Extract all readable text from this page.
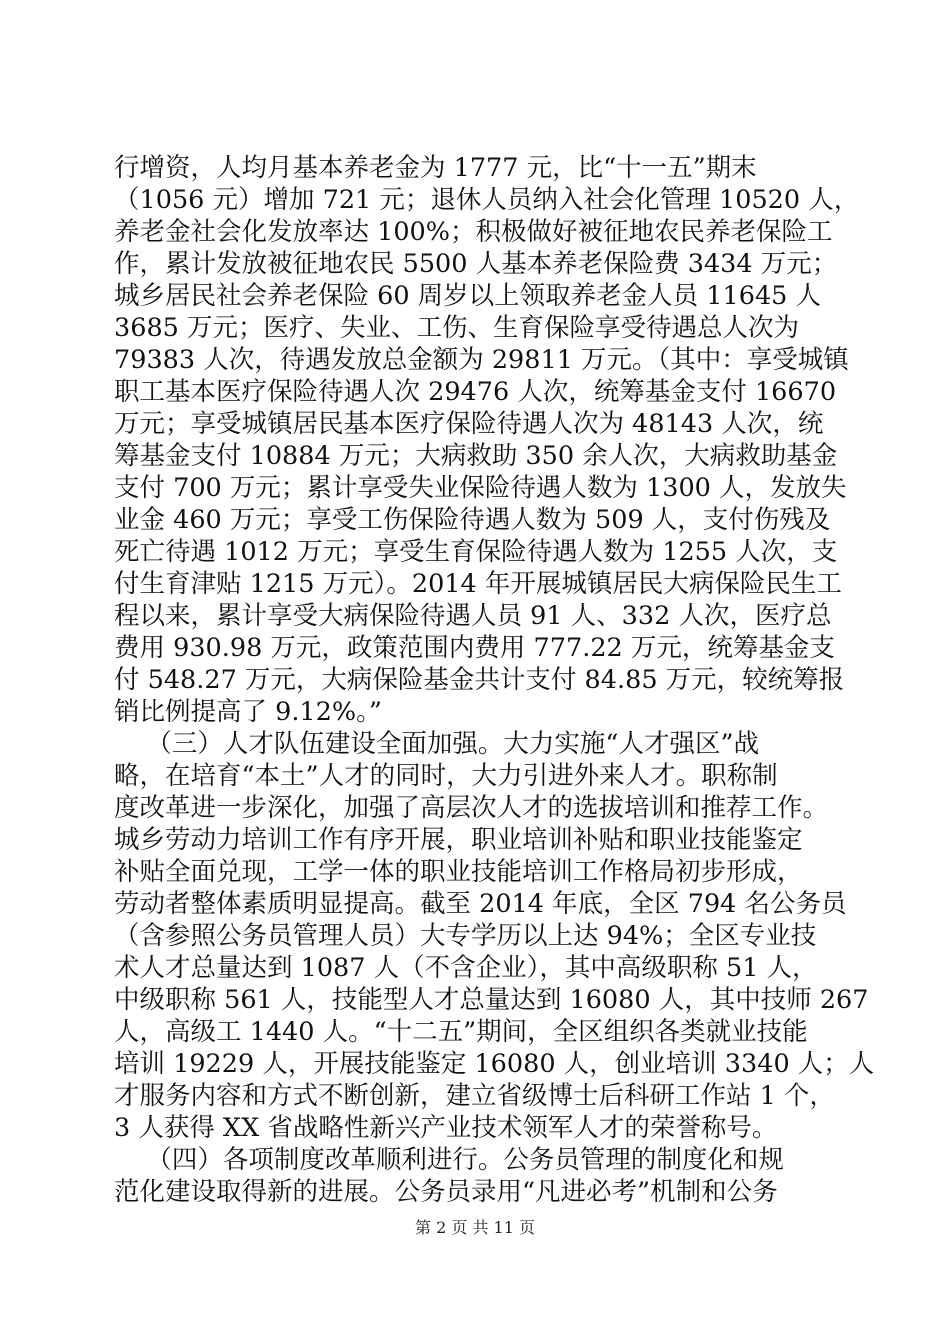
行增资，人均月基本养老金为 1777 元，比“十一五”期末
（1056 元）增加 721 元；退休人员纳入社会化管理 10520 人，
养老金社会化发放率达 100%；积极做好被征地农民养老保险工
作，累计发放被征地农民 5500 人基本养老保险费 3434 万元；
城乡居民社会养老保险 60 周岁以上领取养老金人员 11645 人
3685 万元；医疗、失业、工伤、生育保险享受待遇总人次为
79383 人次，待遇发放总金额为 29811 万元。（其中：享受城镇
职工基本医疗保险待遇人次 29476 人次，统筹基金支付 16670
万元；享受城镇居民基本医疗保险待遇人次为 48143 人次，统
筹基金支付 10884 万元；大病救助 350 余人次，大病救助基金
支付 700 万元；累计享受失业保险待遇人数为 1300 人，发放失
业金 460 万元；享受工伤保险待遇人数为 509 人，支付伤残及
死亡待遇 1012 万元；享受生育保险待遇人数为 1255 人次，支
付生育津贴 1215 万元）。2014 年开展城镇居民大病保险民生工
程以来，累计享受大病保险待遇人员 91 人、332 人次，医疗总
费用 930.98 万元，政策范围内费用 777.22 万元，统筹基金支
付 548.27 万元，大病保险基金共计支付 84.85 万元，较统筹报
销比例提高了 9.12%。”
（三）人才队伍建设全面加强。大力实施“人才强区”战
略，在培育“本土”人才的同时，大力引进外来人才。职称制
度改革进一步深化，加强了高层次人才的选拔培训和推荐工作。
城乡劳动力培训工作有序开展，职业培训补贴和职业技能鉴定
补贴全面兑现，工学一体的职业技能培训工作格局初步形成，
劳动者整体素质明显提高。截至 2014 年底，全区 794 名公务员
（含参照公务员管理人员）大专学历以上达 94%；全区专业技
术人才总量达到 1087 人（不含企业），其中高级职称 51 人，
中级职称 561 人，技能型人才总量达到 16080 人，其中技师 267
人，高级工 1440 人。“十二五”期间，全区组织各类就业技能
培训 19229 人，开展技能鉴定 16080 人，创业培训 3340 人；人
才服务内容和方式不断创新，建立省级博士后科研工作站 1 个，
3 人获得 XX 省战略性新兴产业技术领军人才的荣誉称号。
（四）各项制度改革顺利进行。公务员管理的制度化和规
范化建设取得新的进展。公务员录用“凡进必考”机制和公务
第 2 页 共 11 页
